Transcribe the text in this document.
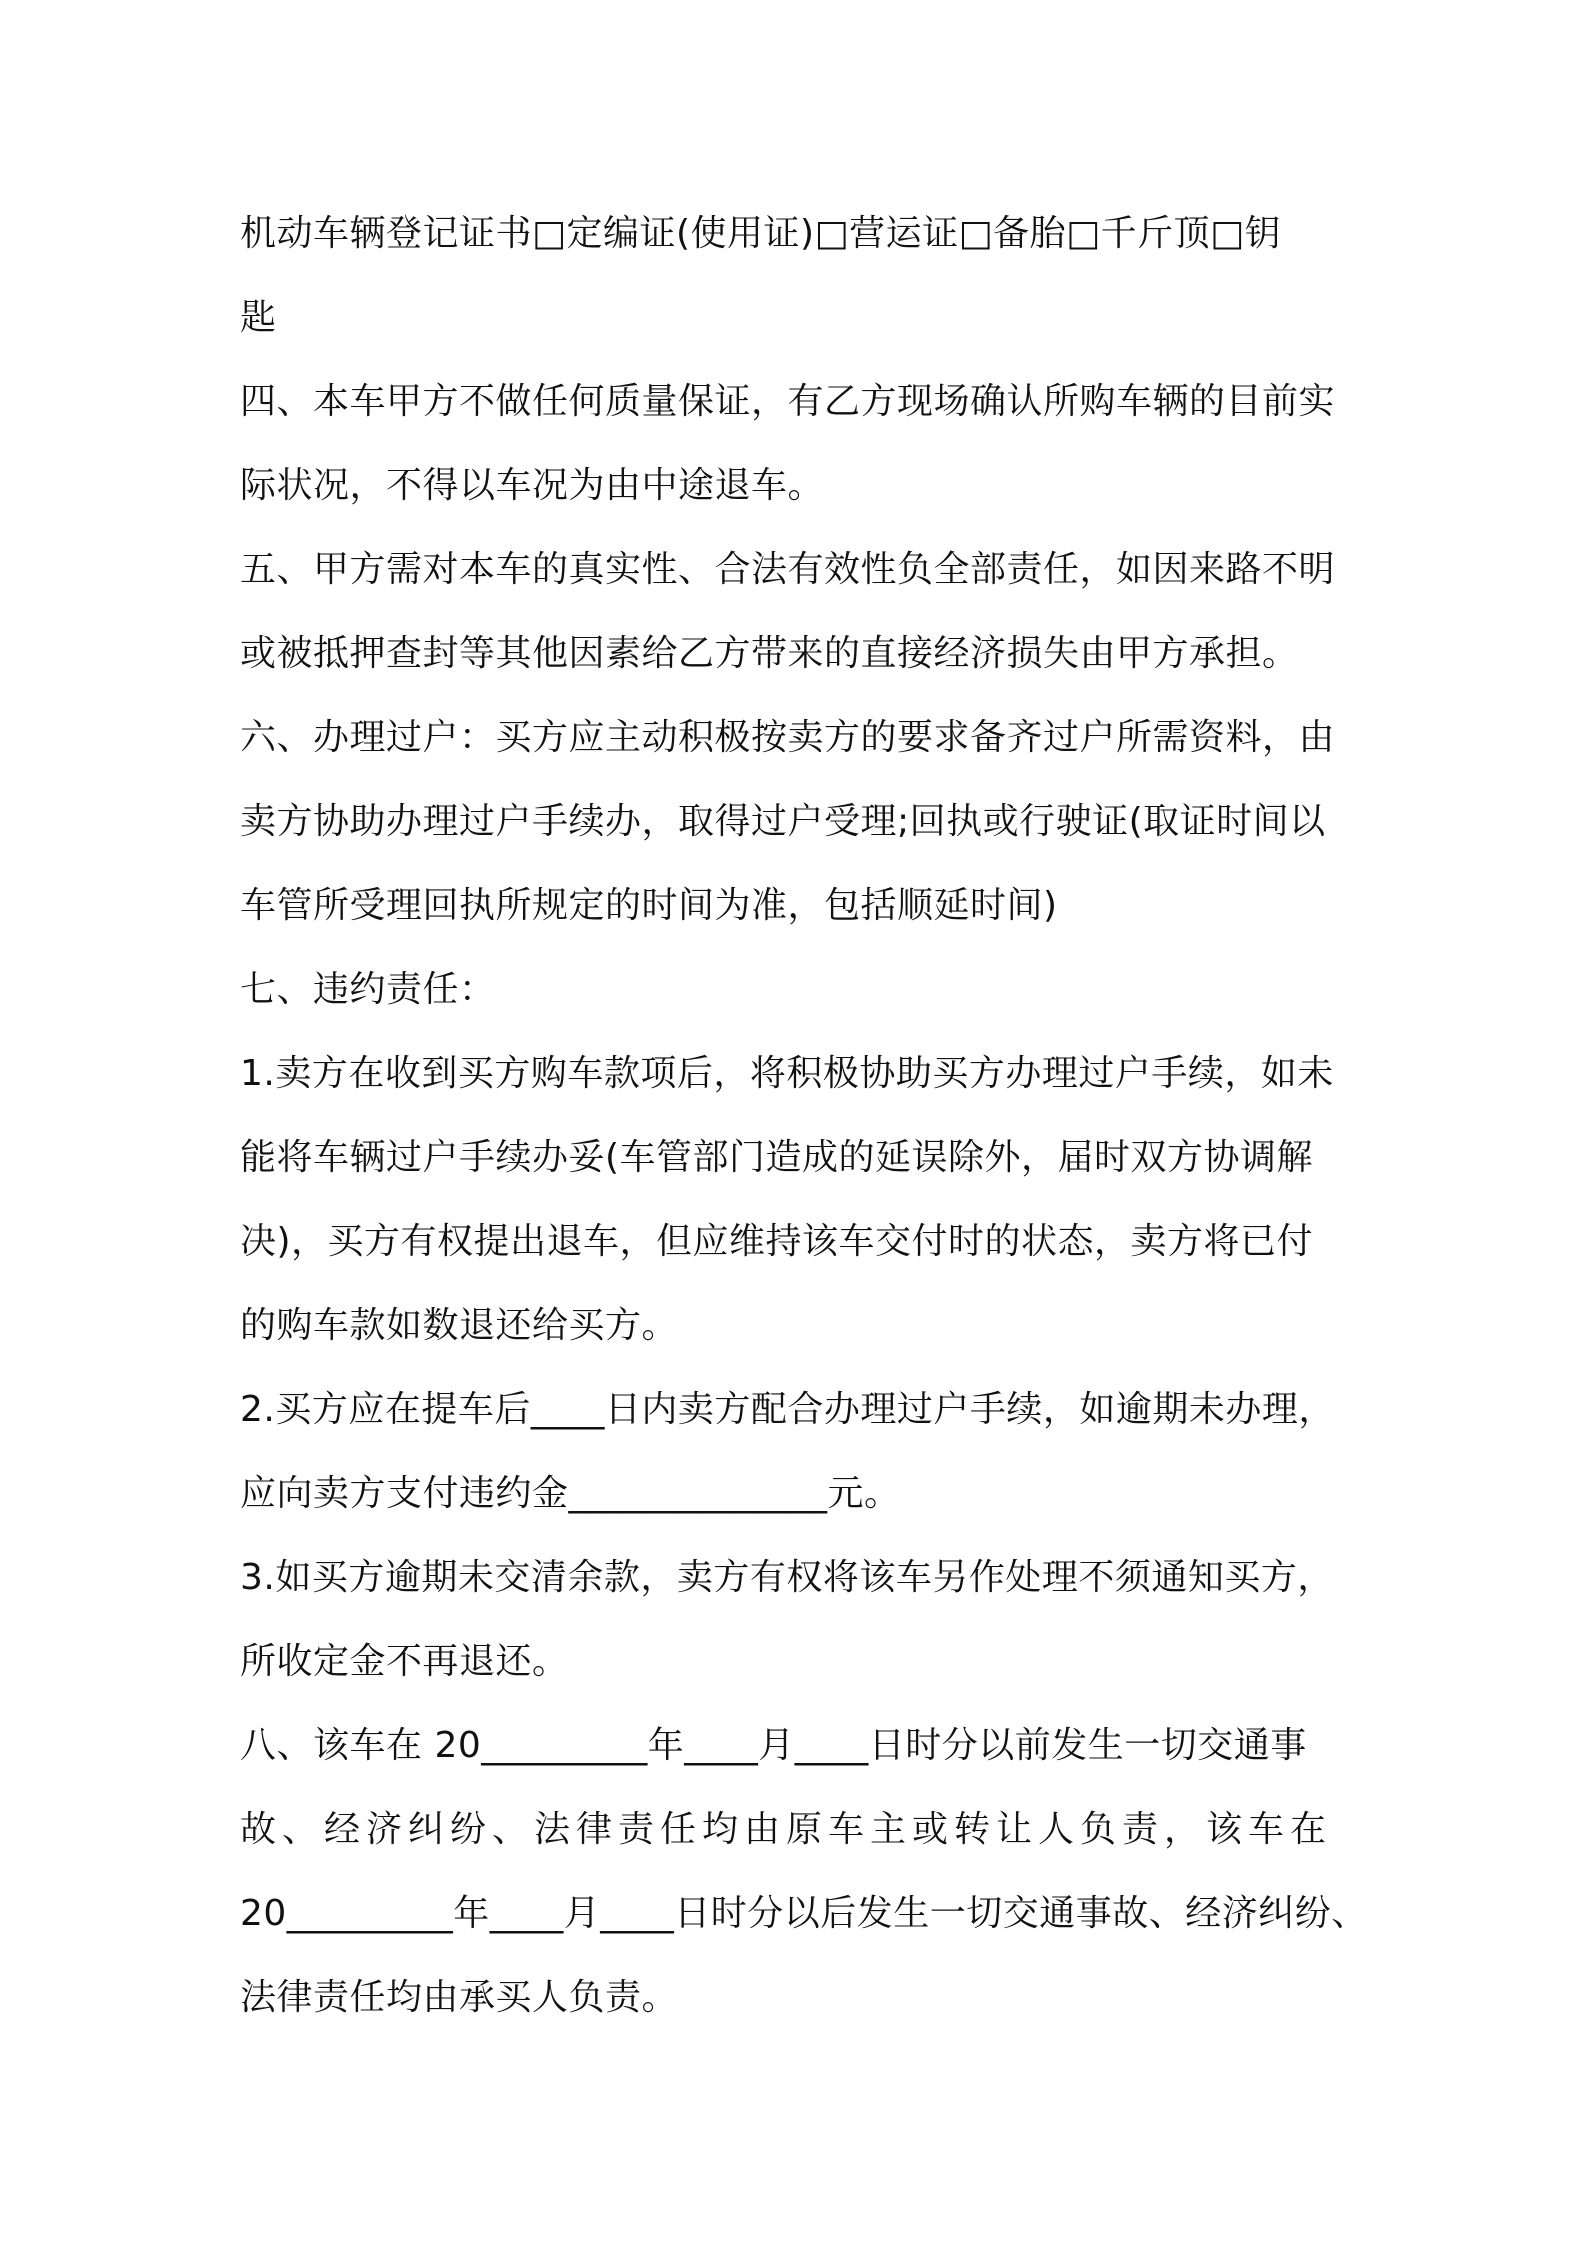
机动车辆登记证书□定编证(使用证)□营运证□备胎□千斤顶□钥
匙
四、本车甲方不做任何质量保证，有乙方现场确认所购车辆的目前实
际状况，不得以车况为由中途退车。
五、甲方需对本车的真实性、合法有效性负全部责任，如因来路不明
或被抵押查封等其他因素给乙方带来的直接经济损失由甲方承担。
六、办理过户：买方应主动积极按卖方的要求备齐过户所需资料，由
卖方协助办理过户手续办，取得过户受理;回执或行驶证(取证时间以
车管所受理回执所规定的时间为准，包括顺延时间)
七、违约责任：
1.卖方在收到买方购车款项后，将积极协助买方办理过户手续，如未
能将车辆过户手续办妥(车管部门造成的延误除外，届时双方协调解
决)，买方有权提出退车，但应维持该车交付时的状态，卖方将已付
的购车款如数退还给买方。
2.买方应在提车后____日内卖方配合办理过户手续，如逾期未办理，
应向卖方支付违约金______________元。
3.如买方逾期未交清余款，卖方有权将该车另作处理不须通知买方，
所收定金不再退还。
八、该车在 20_________年____月____日时分以前发生一切交通事
故、经济纠纷、法律责任均由原车主或转让人负责，该车在
20_________年____月____日时分以后发生一切交通事故、经济纠纷、
法律责任均由承买人负责。
